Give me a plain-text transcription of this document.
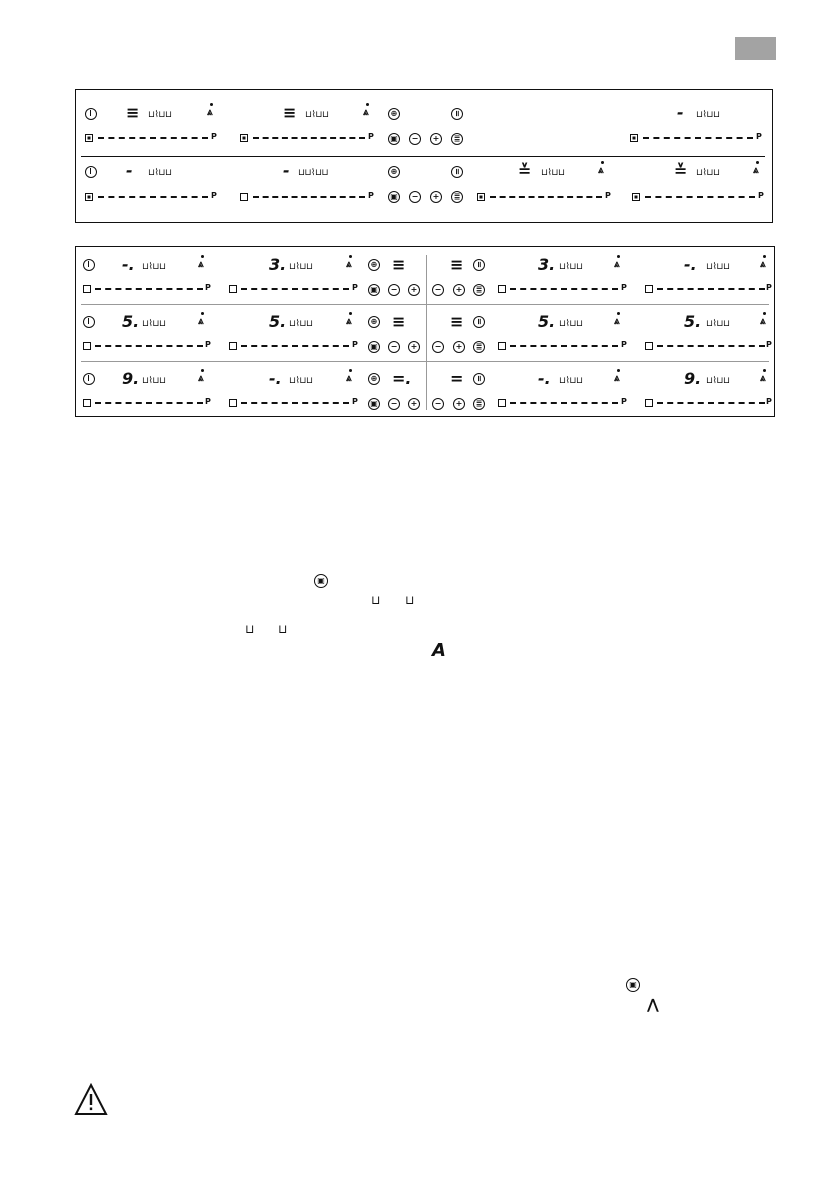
≡ ⊔⌇⊔⊔	⩓	≡ ⊔⌇⊔⊔	⩓	⊕	॥	- ⊔⌇⊔⊔
P	P ▣	−	+	≣	P
- ⊔⌇⊔⊔	- ⊔⊔⌇⊔⊔	⊕	॥	≚ ⊔⌇⊔⊔	⩓	≚ ⊔⌇⊔⊔	⩓
P	P ▣	−	+	≣	P	P
-. ⊔⌇⊔⊔	⩓	3. ⊔⌇⊔⊔	⩓	⊕ ≡	≡	॥	3. ⊔⌇⊔⊔	⩓	-. ⊔⌇⊔⊔	⩓
P	P ▣	−	+	−	+	≣	P	P
5. ⊔⌇⊔⊔	⩓	5. ⊔⌇⊔⊔	⩓	⊕ ≡	≡	॥	5. ⊔⌇⊔⊔	⩓	5. ⊔⌇⊔⊔	⩓
P	P ▣	−	+	−	+	≣	P	P
9. ⊔⌇⊔⊔	⩓	-. ⊔⌇⊔⊔	⩓	⊕ =. =	॥	-. ⊔⌇⊔⊔	⩓	9. ⊔⌇⊔⊔	⩓
P	P ▣	−	+	−	+	≣	P	P
▣
⊔ ⊔
⊔ ⊔
A
▣
⋀
